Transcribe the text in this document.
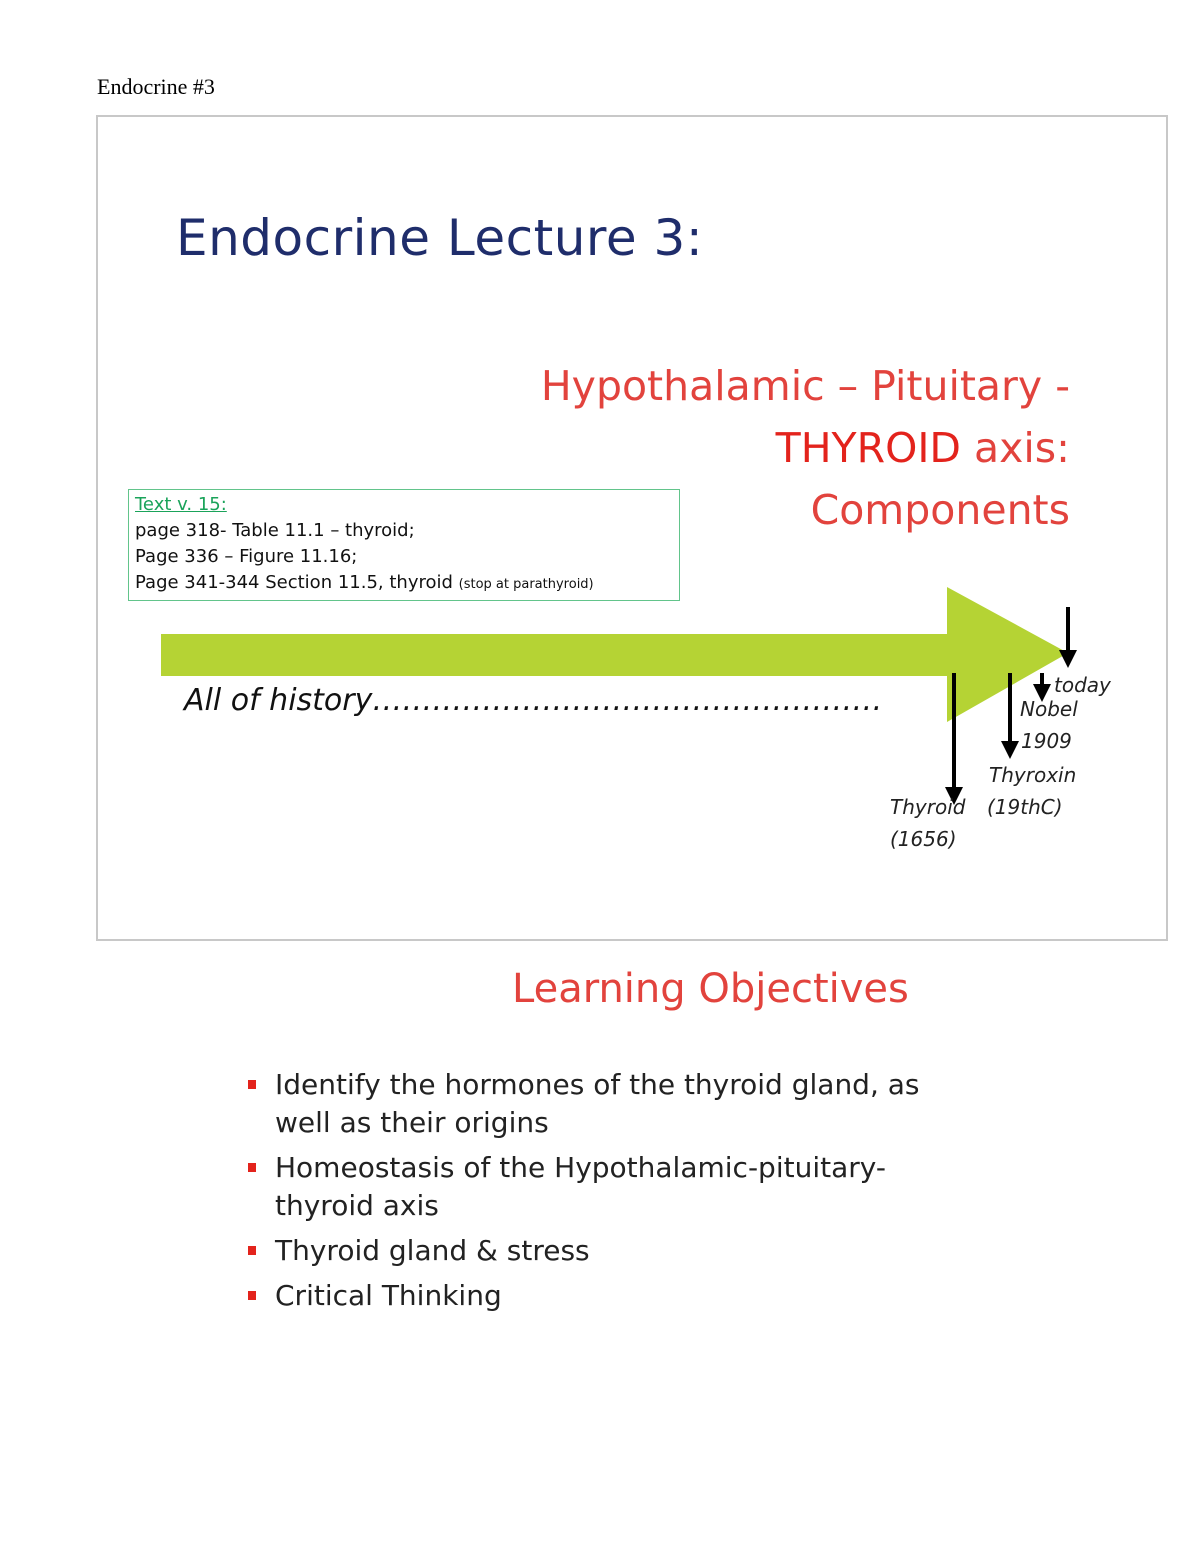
Endocrine #3
Endocrine Lecture 3:
Hypothalamic – Pituitary -
THYROID axis:
Components
Text v. 15:
page 318- Table 11.1 – thyroid;
Page 336 – Figure 11.16;
Page 341-344 Section 11.5, thyroid (stop at parathyroid)
All of history……………………………………………
Thyroid
(1656)
Thyroxin
(19thC)
Nobel
1909
today
Learning Objectives
Identify the hormones of the thyroid gland, as well as their origins
Homeostasis of the Hypothalamic-pituitary-thyroid axis
Thyroid gland & stress
Critical Thinking
